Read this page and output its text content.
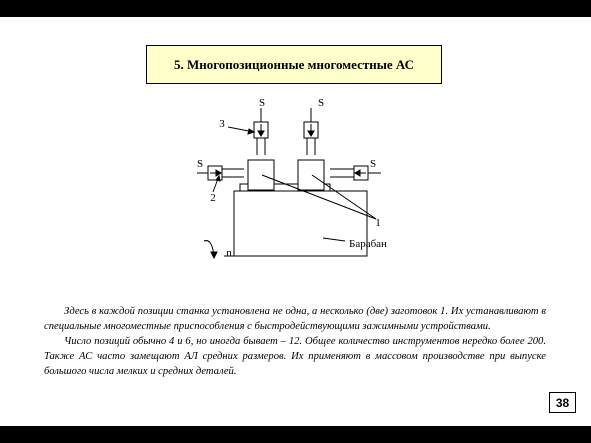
5. Многопозиционные многоместные АС
S	S
S	S
3
2
1
Барабан
n

Здесь в каждой позиции станка установлена не одна, а несколько (две) заготовок 1. Их устанавливают в специальные многоместные приспособления с быстродействующими зажимными устройствами.

Число позиций обычно 4 и 6, но иногда бывает – 12. Общее количество инструментов нередко более 200. Также АС часто замещают АЛ средних размеров. Их применяют в массовом производстве при выпуске большого числа мелких и средних деталей.

38
